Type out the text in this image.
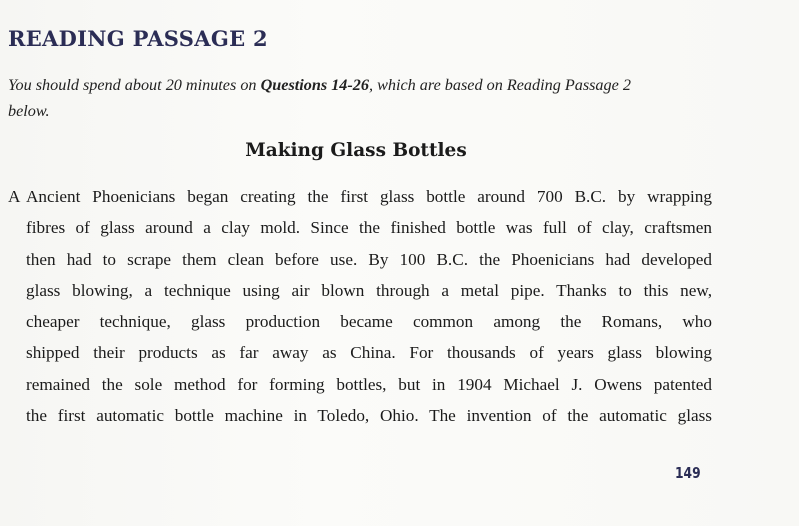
READING PASSAGE 2
You should spend about 20 minutes on Questions 14-26, which are based on Reading Passage 2
below.
Making Glass Bottles
A Ancient Phoenicians began creating the first glass bottle around 700 B.C. by wrapping
fibres of glass around a clay mold. Since the finished bottle was full of clay, craftsmen
then had to scrape them clean before use. By 100 B.C. the Phoenicians had developed
glass blowing, a technique using air blown through a metal pipe. Thanks to this new,
cheaper technique, glass production became common among the Romans, who
shipped their products as far away as China. For thousands of years glass blowing
remained the sole method for forming bottles, but in 1904 Michael J. Owens patented
the first automatic bottle machine in Toledo, Ohio. The invention of the automatic glass
149
